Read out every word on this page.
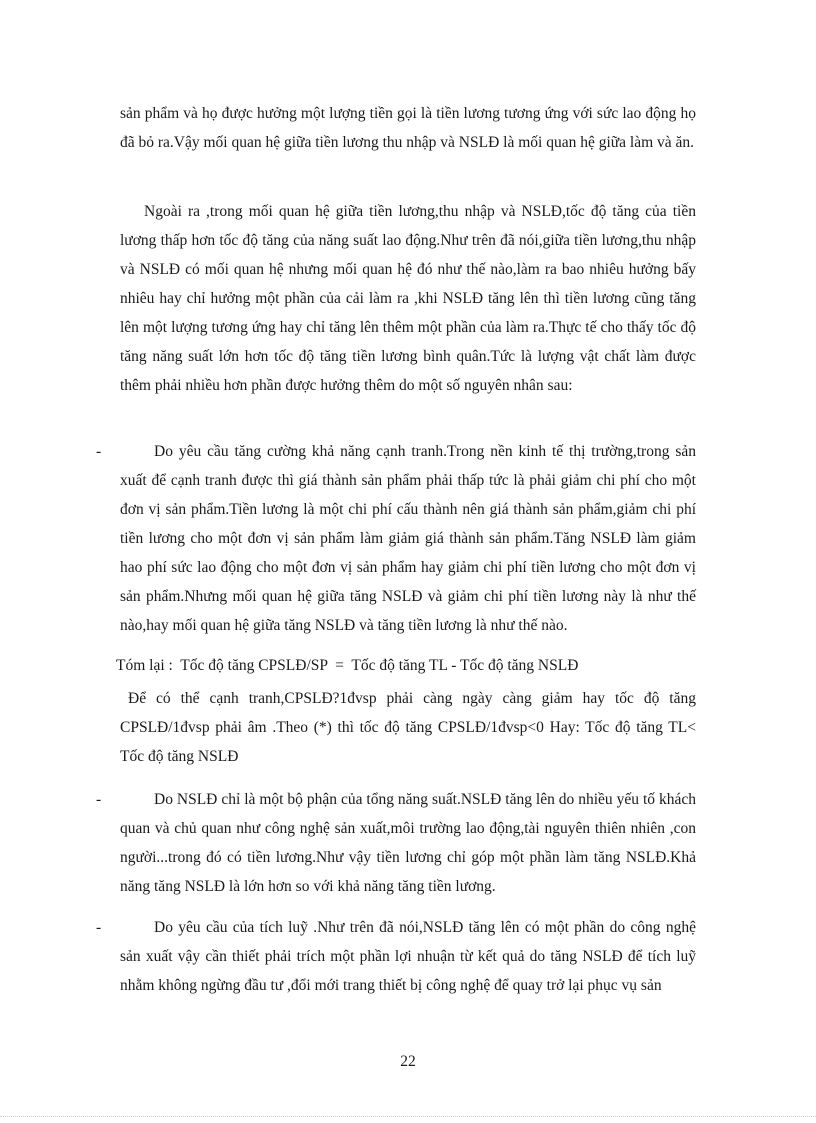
sản phẩm và họ được hưởng một lượng tiền gọi là tiền lương tương ứng với sức lao động họ đã bỏ ra.Vậy mối quan hệ giữa tiền lương thu nhập và NSLĐ là mối quan hệ giữa làm và ăn.
Ngoài ra ,trong mối quan hệ giữa tiền lương,thu nhập và NSLĐ,tốc độ tăng của tiền lương thấp hơn tốc độ tăng của năng suất lao động.Như trên đã nói,giữa tiền lương,thu nhập và NSLĐ có mối quan hệ nhưng mối quan hệ đó như thế nào,làm ra bao nhiêu hưởng bấy nhiêu hay chỉ hưởng một phần của cải làm ra ,khi NSLĐ tăng lên thì tiền lương cũng tăng lên một lượng tương ứng hay chỉ tăng lên thêm một phần của làm ra.Thực tế cho thấy tốc độ tăng năng suất lớn hơn tốc độ tăng tiền lương bình quân.Tức là lượng vật chất làm được thêm phải nhiều hơn phần được hưởng thêm do một số nguyên nhân sau:
-	Do yêu cầu tăng cường khả năng cạnh tranh.Trong nền kinh tế thị trường,trong sản xuất để cạnh tranh được thì giá thành sản phẩm phải thấp tức là phải giảm chi phí cho một đơn vị sản phẩm.Tiền lương là một chi phí cấu thành nên giá thành sản phẩm,giảm chi phí tiền lương cho một đơn vị sản phẩm làm giảm giá thành sản phẩm.Tăng NSLĐ làm giảm hao phí sức lao động cho một đơn vị sản phẩm hay giảm chi phí tiền lương cho một đơn vị sản phẩm.Nhưng mối quan hệ giữa tăng NSLĐ và giảm chi phí tiền lương này là như thế nào,hay mối quan hệ giữa tăng NSLĐ và tăng tiền lương là như thế nào.
Tóm lại :  Tốc độ tăng CPSLĐ/SP  =  Tốc độ tăng TL - Tốc độ tăng NSLĐ
Để có thể cạnh tranh,CPSLĐ?1đvsp phải càng ngày càng giảm hay tốc độ tăng CPSLĐ/1đvsp phải âm .Theo (*) thì tốc độ tăng CPSLĐ/1đvsp<0 Hay: Tốc độ tăng TL< Tốc độ tăng NSLĐ
-	Do NSLĐ chỉ là một bộ phận của tổng năng suất.NSLĐ tăng lên do nhiều yếu tố khách quan và chủ quan như công nghệ sản xuất,môi trường lao động,tài nguyên thiên nhiên ,con người...trong đó có tiền lương.Như vậy tiền lương chỉ góp một phần làm tăng NSLĐ.Khả năng tăng NSLĐ là lớn hơn so với khả năng tăng tiền lương.
-	Do yêu cầu của tích luỹ .Như trên đã nói,NSLĐ tăng lên có một phần do công nghệ sản xuất vậy cần thiết phải trích một phần lợi nhuận từ kết quả do tăng NSLĐ để tích luỹ nhằm không ngừng đầu tư ,đổi mới trang thiết bị công nghệ để quay trở lại phục vụ sản
22
